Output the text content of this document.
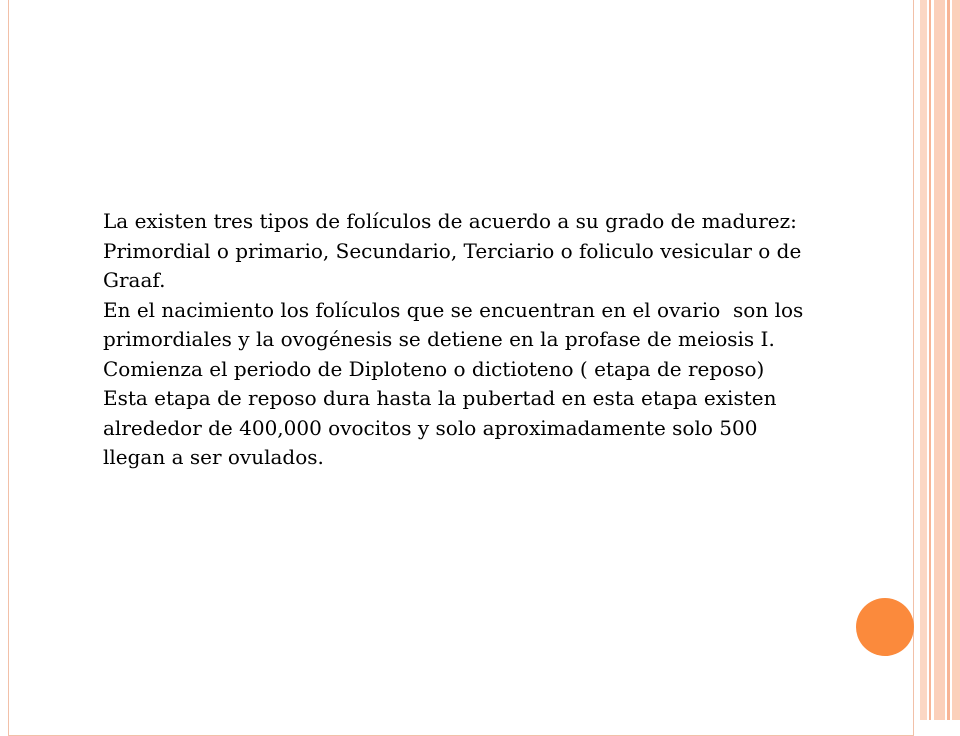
La existen tres tipos de folículos de acuerdo a su grado de madurez:
Primordial o primario, Secundario, Terciario o foliculo vesicular o de
Graaf.
En el nacimiento los folículos que se encuentran en el ovario  son los
primordiales y la ovogénesis se detiene en la profase de meiosis I.
Comienza el periodo de Diploteno o dictioteno ( etapa de reposo)
Esta etapa de reposo dura hasta la pubertad en esta etapa existen
alrededor de 400,000 ovocitos y solo aproximadamente solo 500
llegan a ser ovulados.
